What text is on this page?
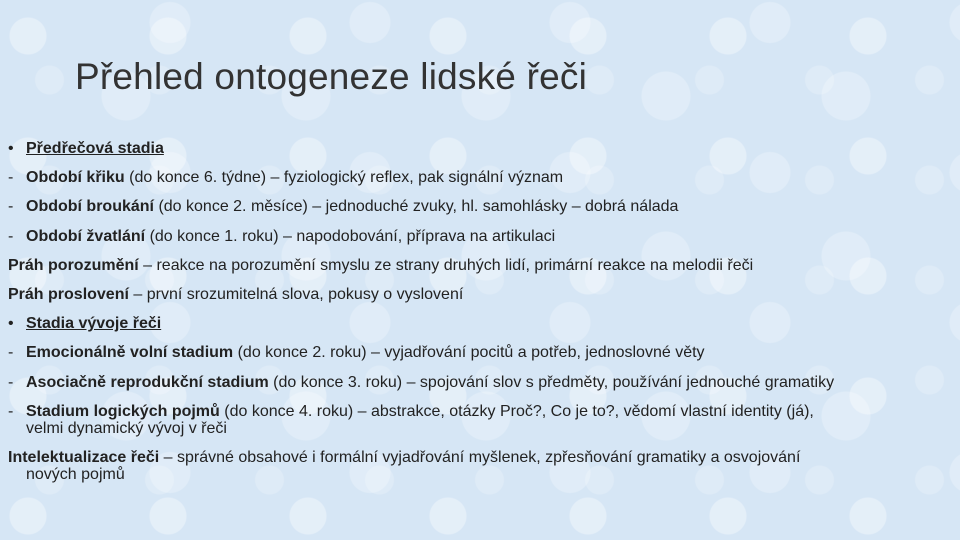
Přehled ontogeneze lidské řeči
• Předřečová stadia
- Období křiku (do konce 6. týdne) – fyziologický reflex, pak signální význam
- Období broukání (do konce 2. měsíce) – jednoduché zvuky, hl. samohlásky – dobrá nálada
- Období žvatlání (do konce 1. roku) – napodobování, příprava na artikulaci
Práh porozumění – reakce na porozumění smyslu ze strany druhých lidí, primární reakce na melodii řeči
Práh proslovení – první srozumitelná slova, pokusy o vyslovení
• Stadia vývoje řeči
- Emocionálně volní stadium (do konce 2. roku) – vyjadřování pocitů a potřeb, jednoslovné věty
- Asociačně reprodukční stadium (do konce 3. roku) – spojování slov s předměty, používání jednouché gramatiky
- Stadium logických pojmů (do konce 4. roku) – abstrakce, otázky Proč?, Co je to?, vědomí vlastní identity (já),
velmi dynamický vývoj v řeči
Intelektualizace řeči – správné obsahové i formální vyjadřování myšlenek, zpřesňování gramatiky a osvojování
nových pojmů
